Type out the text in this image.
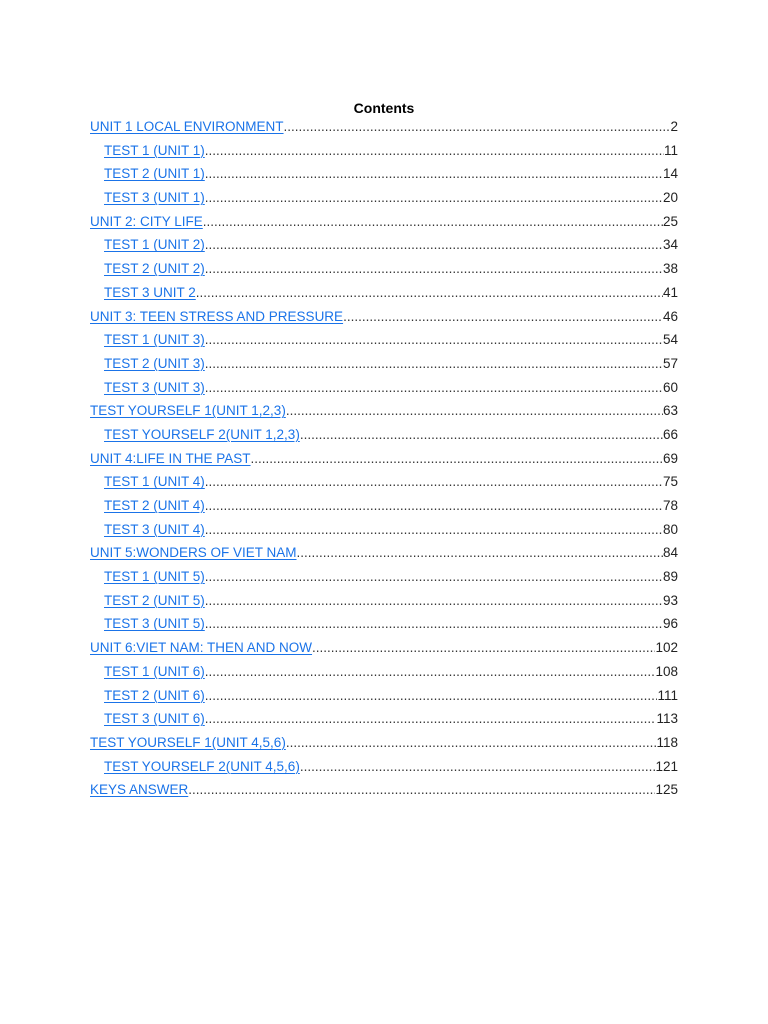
Contents
UNIT 1 LOCAL ENVIRONMENT .....	2
TEST 1 (UNIT 1) .....	11
TEST 2 (UNIT 1) .....	14
TEST 3 (UNIT 1) .....	20
UNIT 2: CITY LIFE .....	25
TEST 1 (UNIT 2) .....	34
TEST 2 (UNIT 2) .....	38
TEST 3 UNIT 2 .....	41
UNIT 3: TEEN STRESS AND PRESSURE .....	46
TEST 1 (UNIT 3) .....	54
TEST 2 (UNIT 3) .....	57
TEST 3 (UNIT 3) .....	60
TEST YOURSELF 1(UNIT 1,2,3) .....	63
TEST YOURSELF 2(UNIT 1,2,3) .....	66
UNIT 4:LIFE IN THE PAST .....	69
TEST 1 (UNIT 4) .....	75
TEST 2 (UNIT 4) .....	78
TEST 3 (UNIT 4) .....	80
UNIT 5:WONDERS OF VIET NAM .....	84
TEST 1 (UNIT 5) .....	89
TEST 2 (UNIT 5) .....	93
TEST 3 (UNIT 5) .....	96
UNIT 6:VIET NAM: THEN AND NOW .....	102
TEST 1 (UNIT 6) .....	108
TEST 2 (UNIT 6) .....	111
TEST 3 (UNIT 6) .....	113
TEST YOURSELF 1(UNIT 4,5,6) .....	118
TEST YOURSELF 2(UNIT 4,5,6) .....	121
KEYS ANSWER .....	125
